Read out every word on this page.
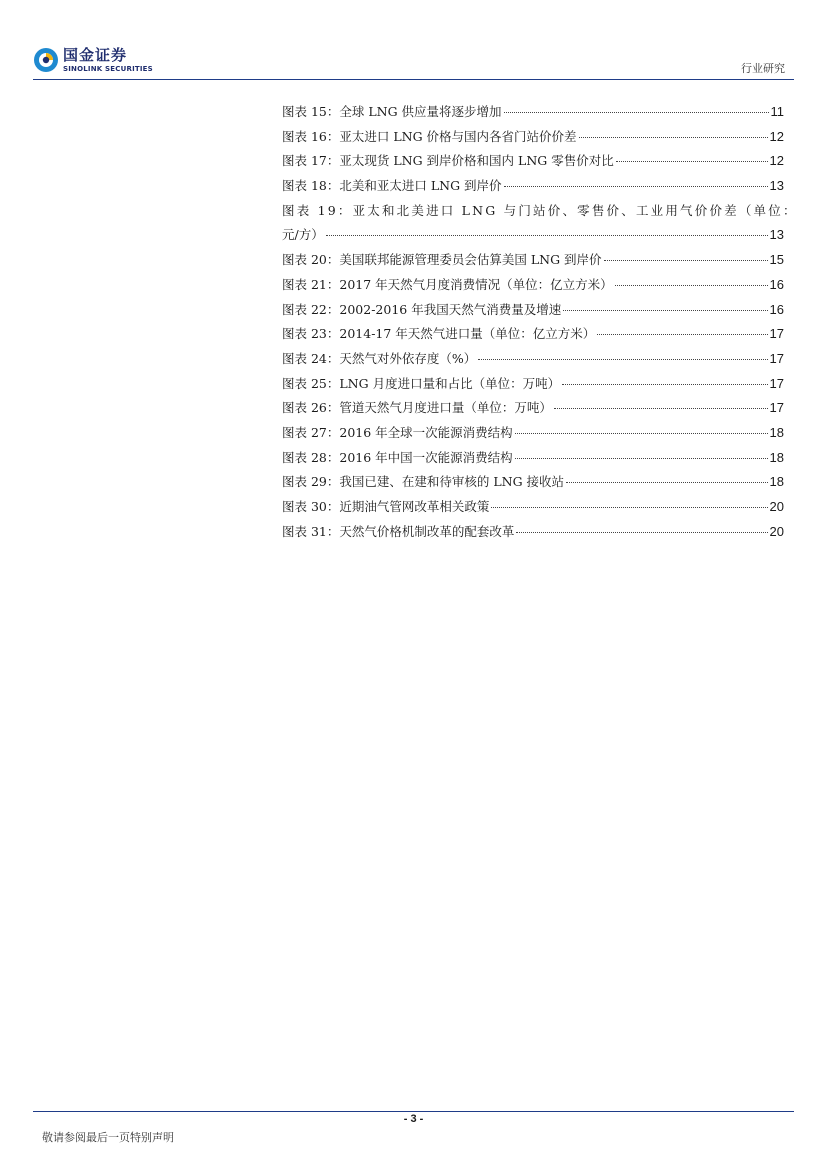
国金证券
SINOLINK SECURITIES	行业研究
图表 15：全球 LNG 供应量将逐步增加	11
图表 16：亚太进口 LNG 价格与国内各省门站价价差	12
图表 17：亚太现货 LNG 到岸价格和国内 LNG 零售价对比	12
图表 18：北美和亚太进口 LNG 到岸价	13
图表 19：亚太和北美进口 LNG 与门站价、零售价、工业用气价价差（单位：
元/方）	13
图表 20：美国联邦能源管理委员会估算美国 LNG 到岸价	15
图表 21：2017 年天然气月度消费情况（单位：亿立方米）	16
图表 22：2002-2016 年我国天然气消费量及增速	16
图表 23：2014-17 年天然气进口量（单位：亿立方米）	17
图表 24：天然气对外依存度（%）	17
图表 25：LNG 月度进口量和占比（单位：万吨）	17
图表 26：管道天然气月度进口量（单位：万吨）	17
图表 27：2016 年全球一次能源消费结构	18
图表 28：2016 年中国一次能源消费结构	18
图表 29：我国已建、在建和待审核的 LNG 接收站	18
图表 30：近期油气管网改革相关政策	20
图表 31：天然气价格机制改革的配套改革	20
- 3 -
敬请参阅最后一页特别声明
